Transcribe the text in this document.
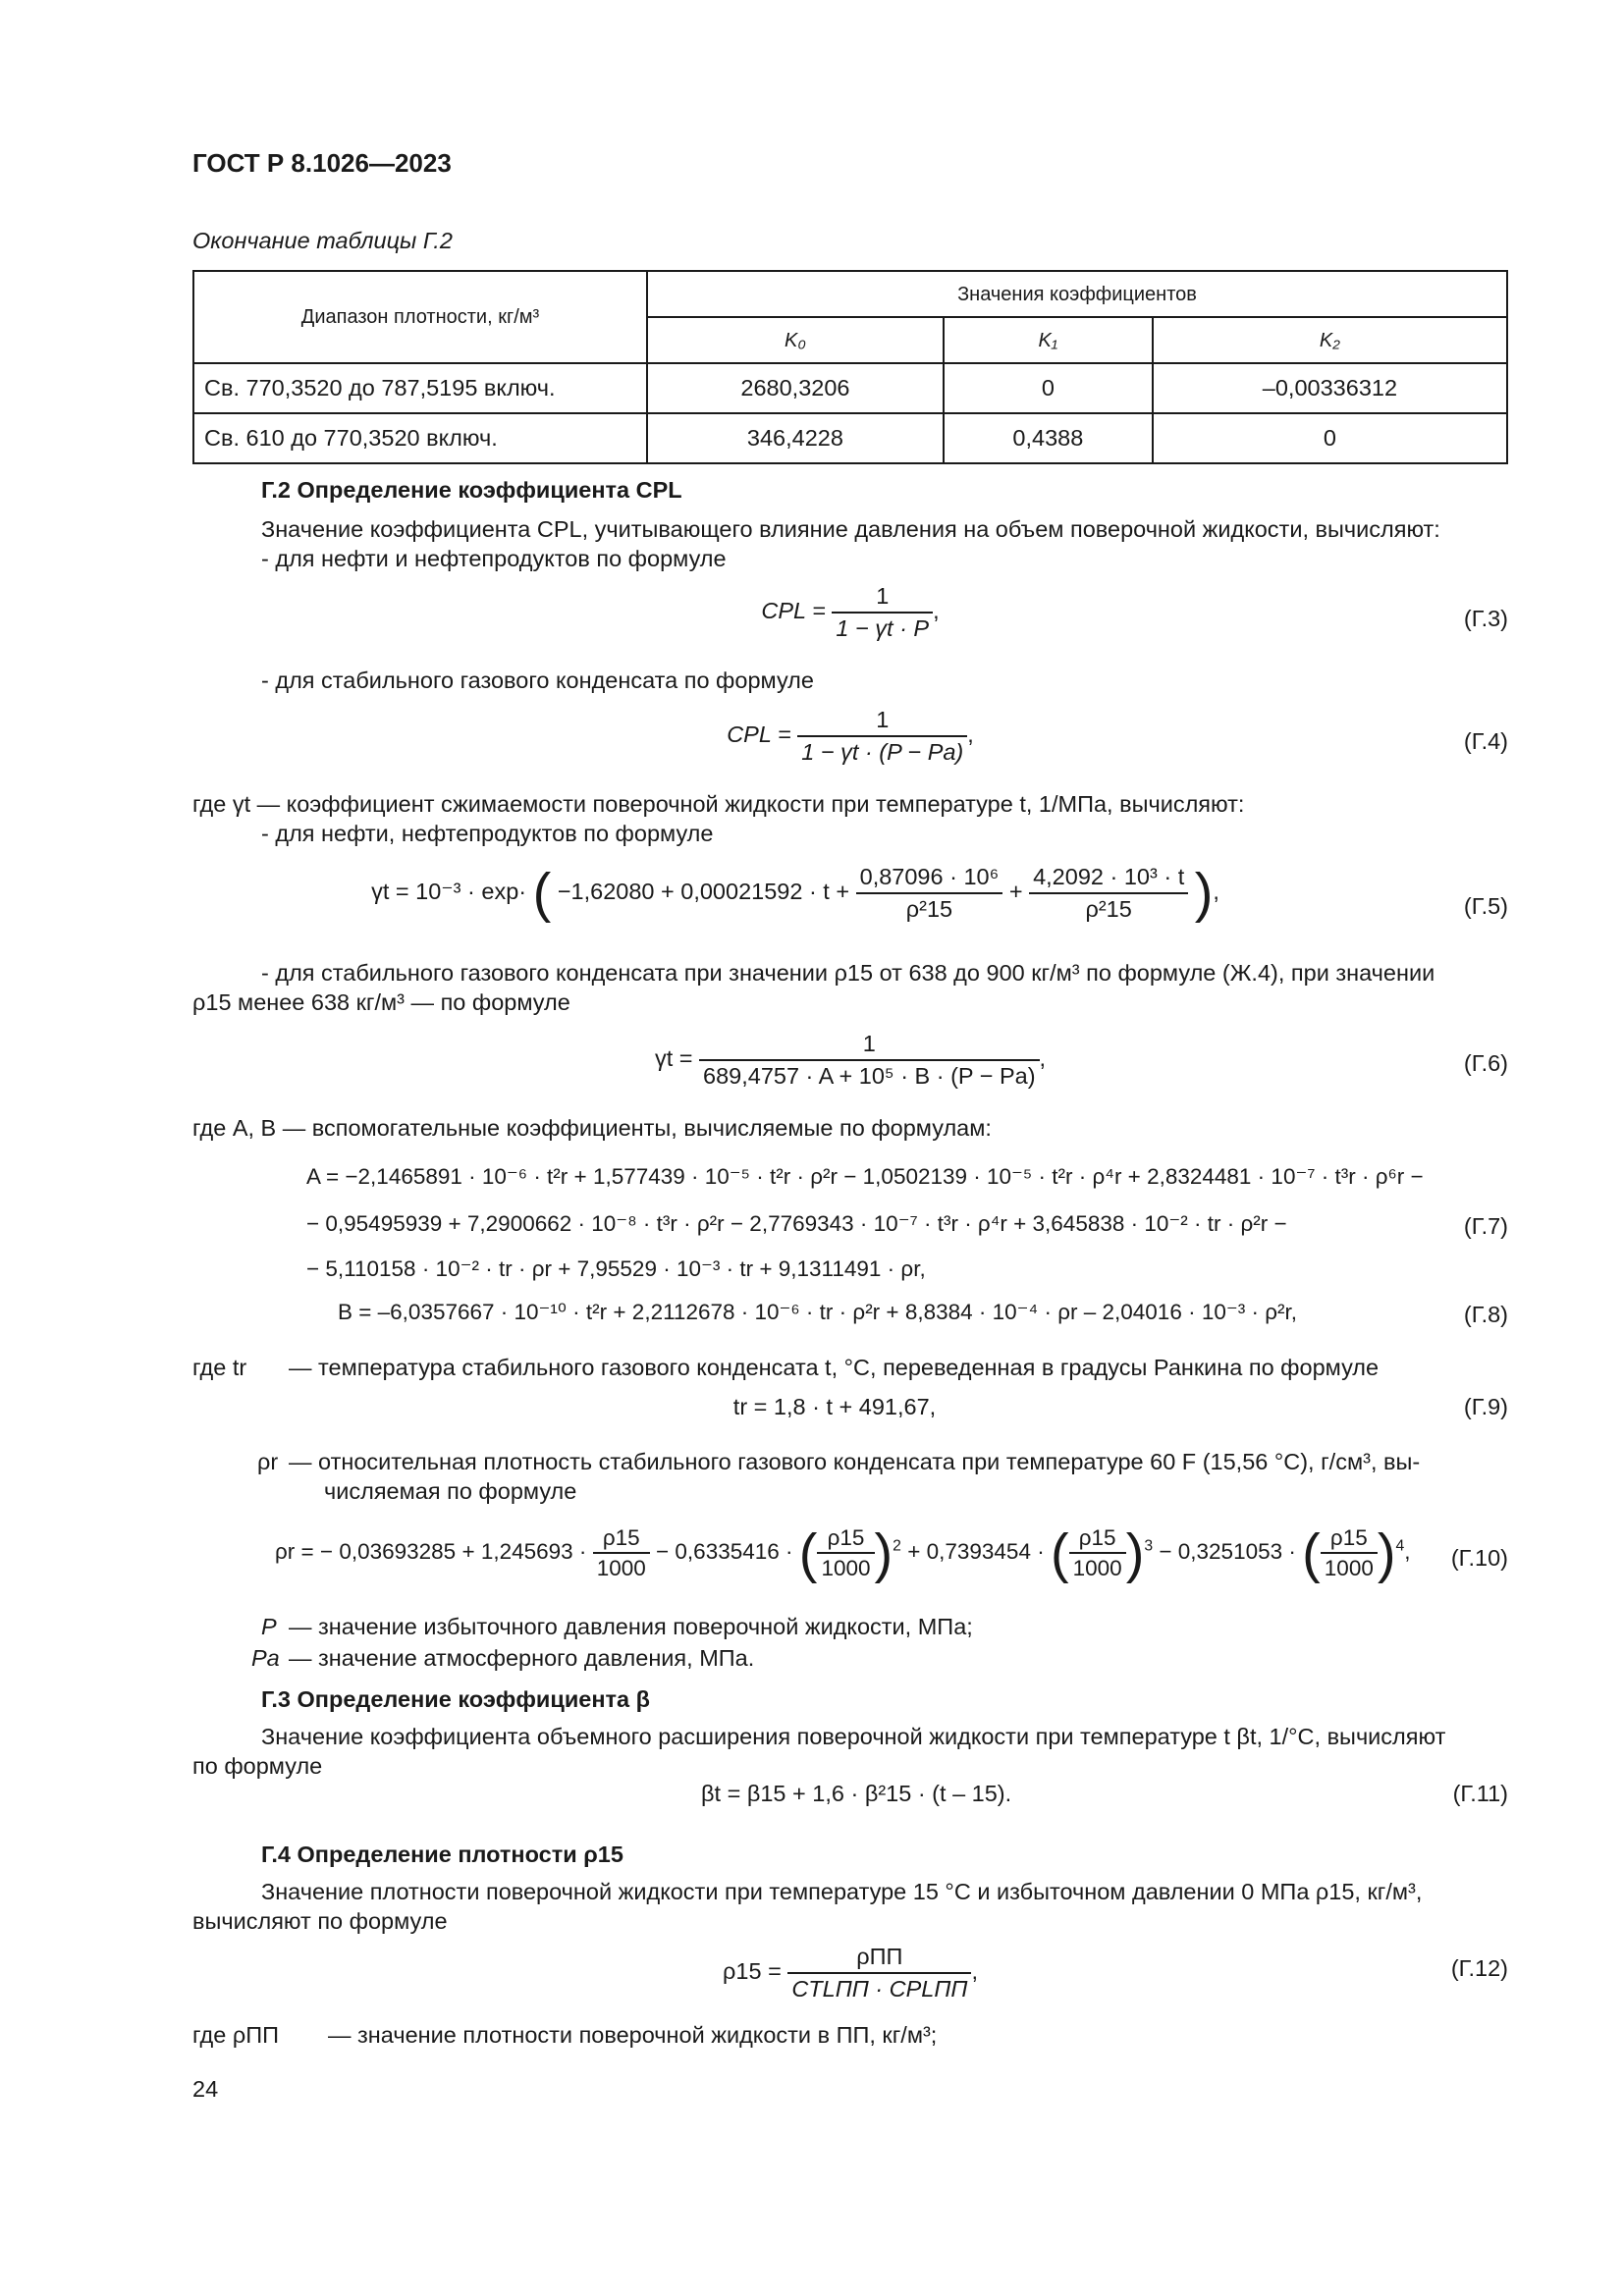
ГОСТ Р 8.1026—2023
Окончание таблицы Г.2
Диапазон плотности, кг/м³	Значения коэффициентов		
	K₀	K₁	K₂
Св. 770,3520 до 787,5195 включ.	2680,3206	0	–0,00336312
Св. 610 до 770,3520 включ.	346,4228	0,4388	0
Г.2 Определение коэффициента CPL
Значение коэффициента CPL, учитывающего влияние давления на объем поверочной жидкости, вычисляют:
- для нефти и нефтепродуктов по формуле
CPL = $\frac{1}{1 - \gamma t \cdot P}$ ,	(Г.3)
- для стабильного газового конденсата по формуле
CPL = $\frac{1}{1 - \gamma t \cdot (P - Pa)}$ ,	(Г.4)
где γt — коэффициент сжимаемости поверочной жидкости при температуре t, 1/МПа, вычисляют:
- для нефти, нефтепродуктов по формуле
γt = 10⁻³ · exp· ( $-1,62080 + 0,00021592 \cdot t + \frac{\text{0,87096 · 10⁶}}{\text{ρ²15}} + \frac{\text{4,2092 · 10³ · t}}{\text{ρ²15}}$ ),
(Г.5)
- для стабильного газового конденсата при значении ρ15 от 638 до 900 кг/м³ по формуле (Ж.4), при значении
ρ15 менее 638 кг/м³ — по формуле
$\gamma t = \frac{1}{\text{689,4757 · A + 10⁵ · B · (P − Pa)}}$ ,	(Г.6)
где A, B — вспомогательные коэффициенты, вычисляемые по формулам:
A = −2,1465891 · 10⁻⁶ · t²r + 1,577439 · 10⁻⁵ · t²r · ρ²r − 1,0502139 · 10⁻⁵ · t²r · ρ⁴r + 2,8324481 · 10⁻⁷ · t³r · ρ⁶r −
− 0,95495939 + 7,2900662 · 10⁻⁸ · t³r · ρ²r − 2,7769343 · 10⁻⁷ · t³r · ρ⁴r + 3,645838 · 10⁻² · tr · ρ²r −	(Г.7)
− 5,110158 · 10⁻² · tr · ρr + 7,95529 · 10⁻³ · tr + 9,1311491 · ρr,
B = –6,0357667 · 10⁻¹⁰ · t²r + 2,2112678 · 10⁻⁶ · tr · ρ²r + 8,8384 · 10⁻⁴ · ρr – 2,04016 · 10⁻³ · ρ²r,	(Г.8)
где tr — температура стабильного газового конденсата t, °С, переведенная в градусы Ранкина по формуле
tr = 1,8 · t + 491,67,	(Г.9)
ρr — относительная плотность стабильного газового конденсата при температуре 60 F (15,56 °С), г/см³, вы-
числяемая по формуле
ρr = − $0,03693285 + 1,245693 \cdot \frac{\rho 15}{1000} - 0,6335416$ · ( $\frac{\rho 15}{1000} )^2 + 0,7393454$ · ( $\frac{\rho 15}{1000} )^3 - 0,3251053$ · ( $\frac{\rho 15}{1000} )^4$, (Г.10)
P — значение избыточного давления поверочной жидкости, МПа;
Pa — значение атмосферного давления, МПа.
Г.3 Определение коэффициента β
Значение коэффициента объемного расширения поверочной жидкости при температуре t βt, 1/°С, вычисляют
по формуле
βt = β15 + 1,6 · β²15 · (t – 15).	(Г.11)
Г.4 Определение плотности ρ15
Значение плотности поверочной жидкости при температуре 15 °С и избыточном давлении 0 МПа ρ15, кг/м³,
вычисляют по формуле
$\rho 15 = \frac{\text{ρПП}}{\text{CTLПП · CPLПП}}$ ,	(Г.12)
где ρПП — значение плотности поверочной жидкости в ПП, кг/м³;
24
